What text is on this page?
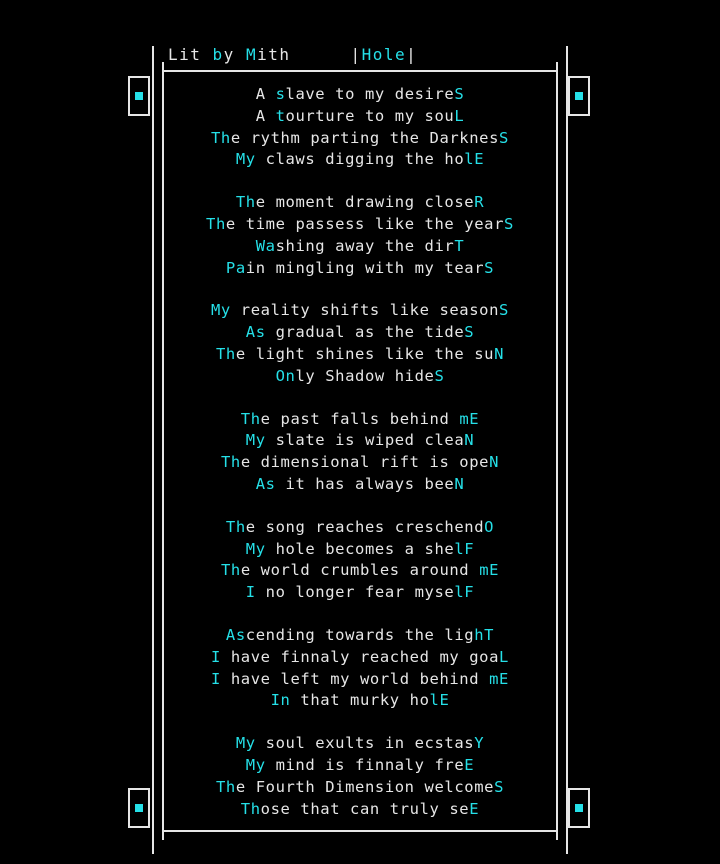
Lit by Mith	|Hole|
A slave to my desireS
A tourture to my souL
The rythm parting the DarknesS
My claws digging the holE
The moment drawing closeR
The time passess like the yearS
Washing away the dirT
Pain mingling with my tearS
My reality shifts like seasonS
As gradual as the tideS
The light shines like the suN
Only Shadow hideS
The past falls behind mE
My slate is wiped cleaN
The dimensional rift is opeN
As it has always beeN
The song reaches creschendO
My hole becomes a shelF
The world crumbles around mE
I no longer fear myselF
Ascending towards the lighT
I have finnaly reached my goaL
I have left my world behind mE
In that murky holE
My soul exults in ecstasY
My mind is finnaly freE
The Fourth Dimension welcomeS
Those that can truly seE
